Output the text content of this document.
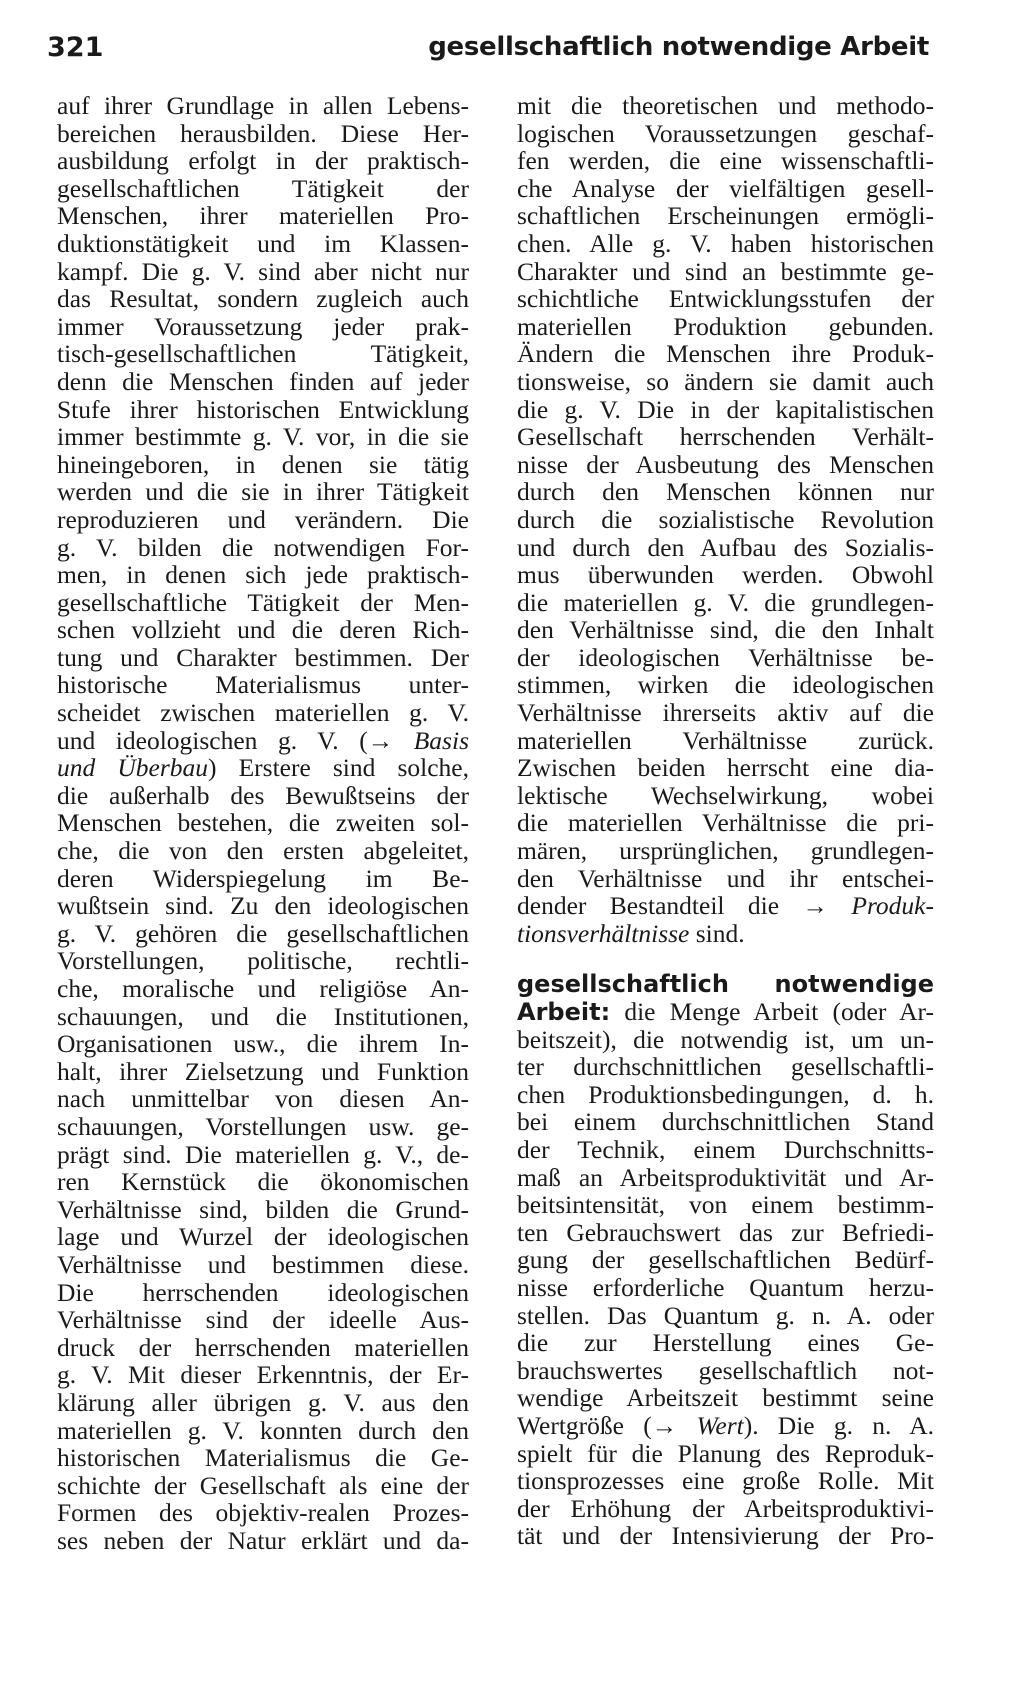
321	gesellschaftlich notwendige Arbeit
auf ihrer Grundlage in allen Lebens-
bereichen herausbilden. Diese Her-
ausbildung erfolgt in der praktisch-
gesellschaftlichen Tätigkeit der
Menschen, ihrer materiellen Pro-
duktionstätigkeit und im Klassen-
kampf. Die g. V. sind aber nicht nur
das Resultat, sondern zugleich auch
immer Voraussetzung jeder prak-
tisch-gesellschaftlichen Tätigkeit,
denn die Menschen finden auf jeder
Stufe ihrer historischen Entwicklung
immer bestimmte g. V. vor, in die sie
hineingeboren, in denen sie tätig
werden und die sie in ihrer Tätigkeit
reproduzieren und verändern. Die
g. V. bilden die notwendigen For-
men, in denen sich jede praktisch-
gesellschaftliche Tätigkeit der Men-
schen vollzieht und die deren Rich-
tung und Charakter bestimmen. Der
historische Materialismus unter-
scheidet zwischen materiellen g. V.
und ideologischen g. V. (→ Basis
und Überbau) Erstere sind solche,
die außerhalb des Bewußtseins der
Menschen bestehen, die zweiten sol-
che, die von den ersten abgeleitet,
deren Widerspiegelung im Be-
wußtsein sind. Zu den ideologischen
g. V. gehören die gesellschaftlichen
Vorstellungen, politische, rechtli-
che, moralische und religiöse An-
schauungen, und die Institutionen,
Organisationen usw., die ihrem In-
halt, ihrer Zielsetzung und Funktion
nach unmittelbar von diesen An-
schauungen, Vorstellungen usw. ge-
prägt sind. Die materiellen g. V., de-
ren Kernstück die ökonomischen
Verhältnisse sind, bilden die Grund-
lage und Wurzel der ideologischen
Verhältnisse und bestimmen diese.
Die herrschenden ideologischen
Verhältnisse sind der ideelle Aus-
druck der herrschenden materiellen
g. V. Mit dieser Erkenntnis, der Er-
klärung aller übrigen g. V. aus den
materiellen g. V. konnten durch den
historischen Materialismus die Ge-
schichte der Gesellschaft als eine der
Formen des objektiv-realen Prozes-
ses neben der Natur erklärt und da-
mit die theoretischen und methodo-
logischen Voraussetzungen geschaf-
fen werden, die eine wissenschaftli-
che Analyse der vielfältigen gesell-
schaftlichen Erscheinungen ermögli-
chen. Alle g. V. haben historischen
Charakter und sind an bestimmte ge-
schichtliche Entwicklungsstufen der
materiellen Produktion gebunden.
Ändern die Menschen ihre Produk-
tionsweise, so ändern sie damit auch
die g. V. Die in der kapitalistischen
Gesellschaft herrschenden Verhält-
nisse der Ausbeutung des Menschen
durch den Menschen können nur
durch die sozialistische Revolution
und durch den Aufbau des Sozialis-
mus überwunden werden. Obwohl
die materiellen g. V. die grundlegen-
den Verhältnisse sind, die den Inhalt
der ideologischen Verhältnisse be-
stimmen, wirken die ideologischen
Verhältnisse ihrerseits aktiv auf die
materiellen Verhältnisse zurück.
Zwischen beiden herrscht eine dia-
lektische Wechselwirkung, wobei
die materiellen Verhältnisse die pri-
mären, ursprünglichen, grundlegen-
den Verhältnisse und ihr entschei-
dender Bestandteil die → Produk-
tionsverhältnisse sind.
gesellschaftlich notwendige
Arbeit: die Menge Arbeit (oder Ar-
beitszeit), die notwendig ist, um un-
ter durchschnittlichen gesellschaftli-
chen Produktionsbedingungen, d. h.
bei einem durchschnittlichen Stand
der Technik, einem Durchschnitts-
maß an Arbeitsproduktivität und Ar-
beitsintensität, von einem bestimm-
ten Gebrauchswert das zur Befriedi-
gung der gesellschaftlichen Bedürf-
nisse erforderliche Quantum herzu-
stellen. Das Quantum g. n. A. oder
die zur Herstellung eines Ge-
brauchswertes gesellschaftlich not-
wendige Arbeitszeit bestimmt seine
Wertgröße (→ Wert). Die g. n. A.
spielt für die Planung des Reproduk-
tionsprozesses eine große Rolle. Mit
der Erhöhung der Arbeitsproduktivi-
tät und der Intensivierung der Pro-
